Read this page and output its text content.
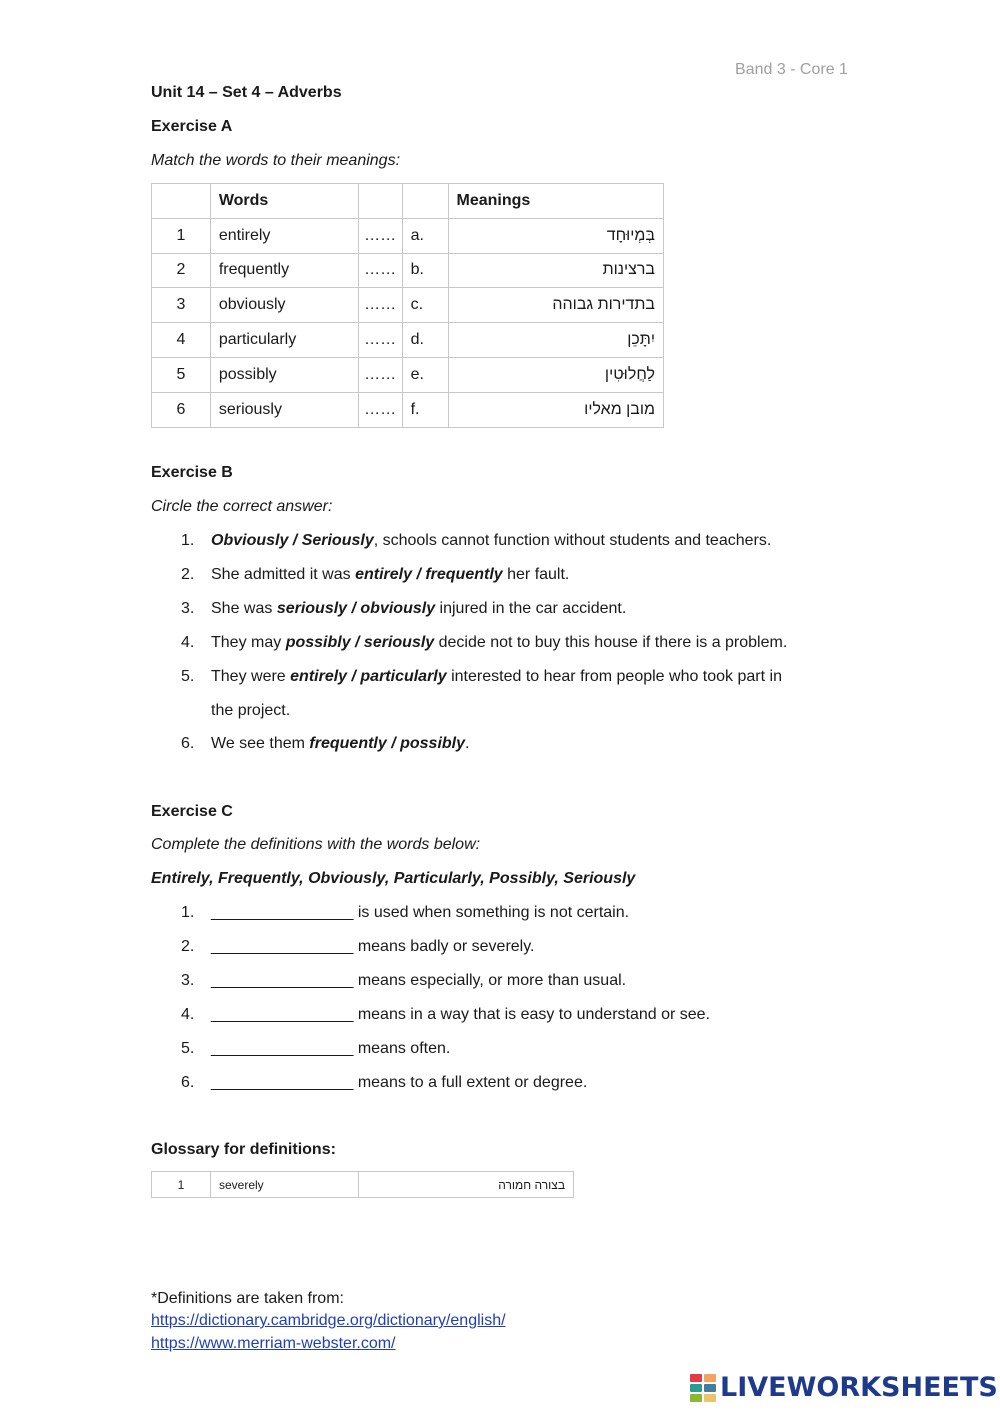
Band 3 - Core 1
Unit 14 – Set 4 – Adverbs
Exercise A
Match the words to their meanings:
	Words			Meanings
1	entirely	……	a.	בְּמְיוּחָד
2	frequently	……	b.	ברצינות
3	obviously	……	c.	בתדירות גבוהה
4	particularly	……	d.	יִתָּכֵן
5	possibly	……	e.	לַחֲלוּטִין
6	seriously	……	f.	מובן מאליו
Exercise B
Circle the correct answer:
1. Obviously / Seriously, schools cannot function without students and teachers.
2. She admitted it was entirely / frequently her fault.
3. She was seriously / obviously injured in the car accident.
4. They may possibly / seriously decide not to buy this house if there is a problem.
5. They were entirely / particularly interested to hear from people who took part in
the project.
6. We see them frequently / possibly.
Exercise C
Complete the definitions with the words below:
Entirely, Frequently, Obviously, Particularly, Possibly, Seriously
1. ________________ is used when something is not certain.
2. ________________ means badly or severely.
3. ________________ means especially, or more than usual.
4. ________________ means in a way that is easy to understand or see.
5. ________________ means often.
6. ________________ means to a full extent or degree.
Glossary for definitions:
1	severely	בצורה חמורה
*Definitions are taken from:
https://dictionary.cambridge.org/dictionary/english/
https://www.merriam-webster.com/
LIVEWORKSHEETS
